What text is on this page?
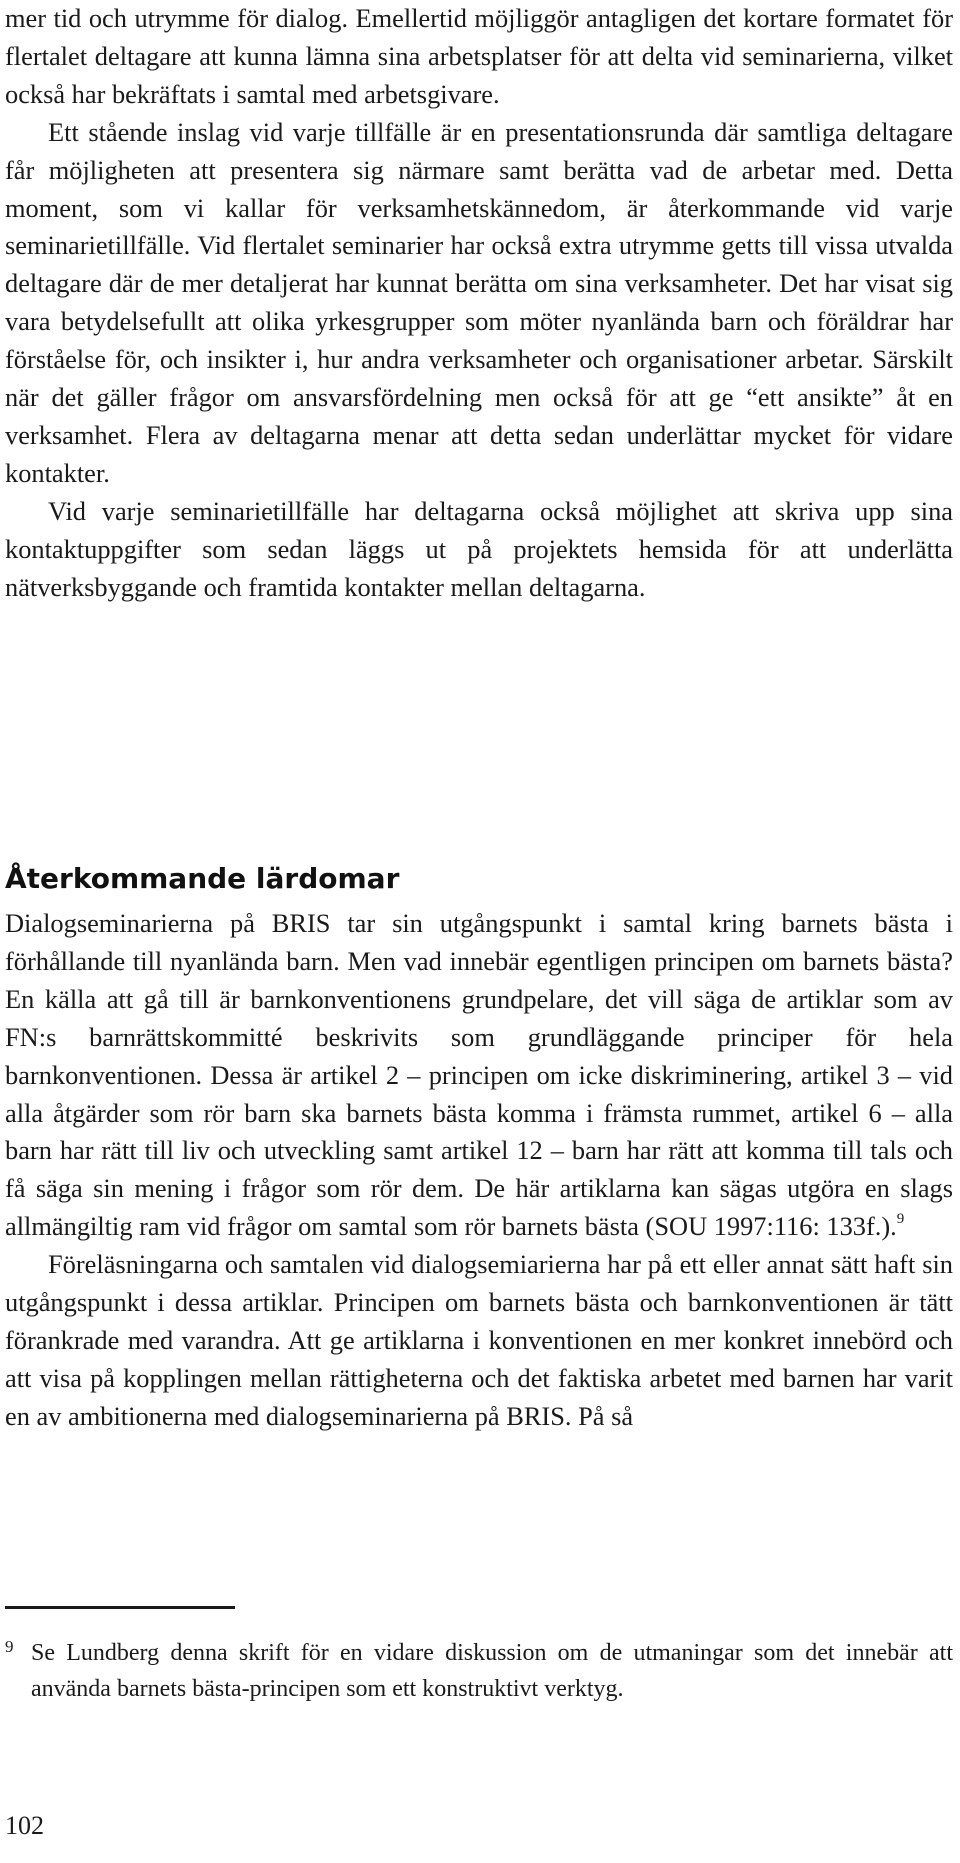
mer tid och utrymme för dialog. Emellertid möjliggör antagligen det kortare formatet för flertalet deltagare att kunna lämna sina arbetsplatser för att delta vid seminarierna, vilket också har bekräftats i samtal med arbetsgivare.

Ett stående inslag vid varje tillfälle är en presentationsrunda där samtliga deltagare får möjligheten att presentera sig närmare samt berätta vad de arbetar med. Detta moment, som vi kallar för verksamhetskännedom, är återkommande vid varje seminarietillfälle. Vid flertalet seminarier har också extra utrymme getts till vissa utvalda deltagare där de mer detaljerat har kunnat berätta om sina verksamheter. Det har visat sig vara betydelsefullt att olika yrkesgrupper som möter nyanlända barn och föräldrar har förståelse för, och insikter i, hur andra verksamheter och organisationer arbetar. Särskilt när det gäller frågor om ansvarsfördelning men också för att ge “ett ansikte” åt en verksamhet. Flera av deltagarna menar att detta sedan underlättar mycket för vidare kontakter.

Vid varje seminarietillfälle har deltagarna också möjlighet att skriva upp sina kontaktuppgifter som sedan läggs ut på projektets hemsida för att underlätta nätverksbyggande och framtida kontakter mellan deltagarna.

Återkommande lärdomar

Dialogseminarierna på BRIS tar sin utgångspunkt i samtal kring barnets bästa i förhållande till nyanlända barn. Men vad innebär egentligen principen om barnets bästa? En källa att gå till är barnkonventionens grundpelare, det vill säga de artiklar som av FN:s barnrättskommitté beskrivits som grundläggande principer för hela barnkonventionen. Dessa är artikel 2 – principen om icke diskriminering, artikel 3 – vid alla åtgärder som rör barn ska barnets bästa komma i främsta rummet, artikel 6 – alla barn har rätt till liv och utveckling samt artikel 12 – barn har rätt att komma till tals och få säga sin mening i frågor som rör dem. De här artiklarna kan sägas utgöra en slags allmängiltig ram vid frågor om samtal som rör barnets bästa (SOU 1997:116: 133f.).$^9$

Föreläsningarna och samtalen vid dialogsemiarierna har på ett eller annat sätt haft sin utgångspunkt i dessa artiklar. Principen om barnets bästa och barnkonventionen är tätt förankrade med varandra. Att ge artiklarna i konventionen en mer konkret innebörd och att visa på kopplingen mellan rättigheterna och det faktiska arbetet med barnen har varit en av ambitionerna med dialogseminarierna på BRIS. På så

9 Se Lundberg denna skrift för en vidare diskussion om de utmaningar som det innebär att använda barnets bästa-principen som ett konstruktivt verktyg.
102
